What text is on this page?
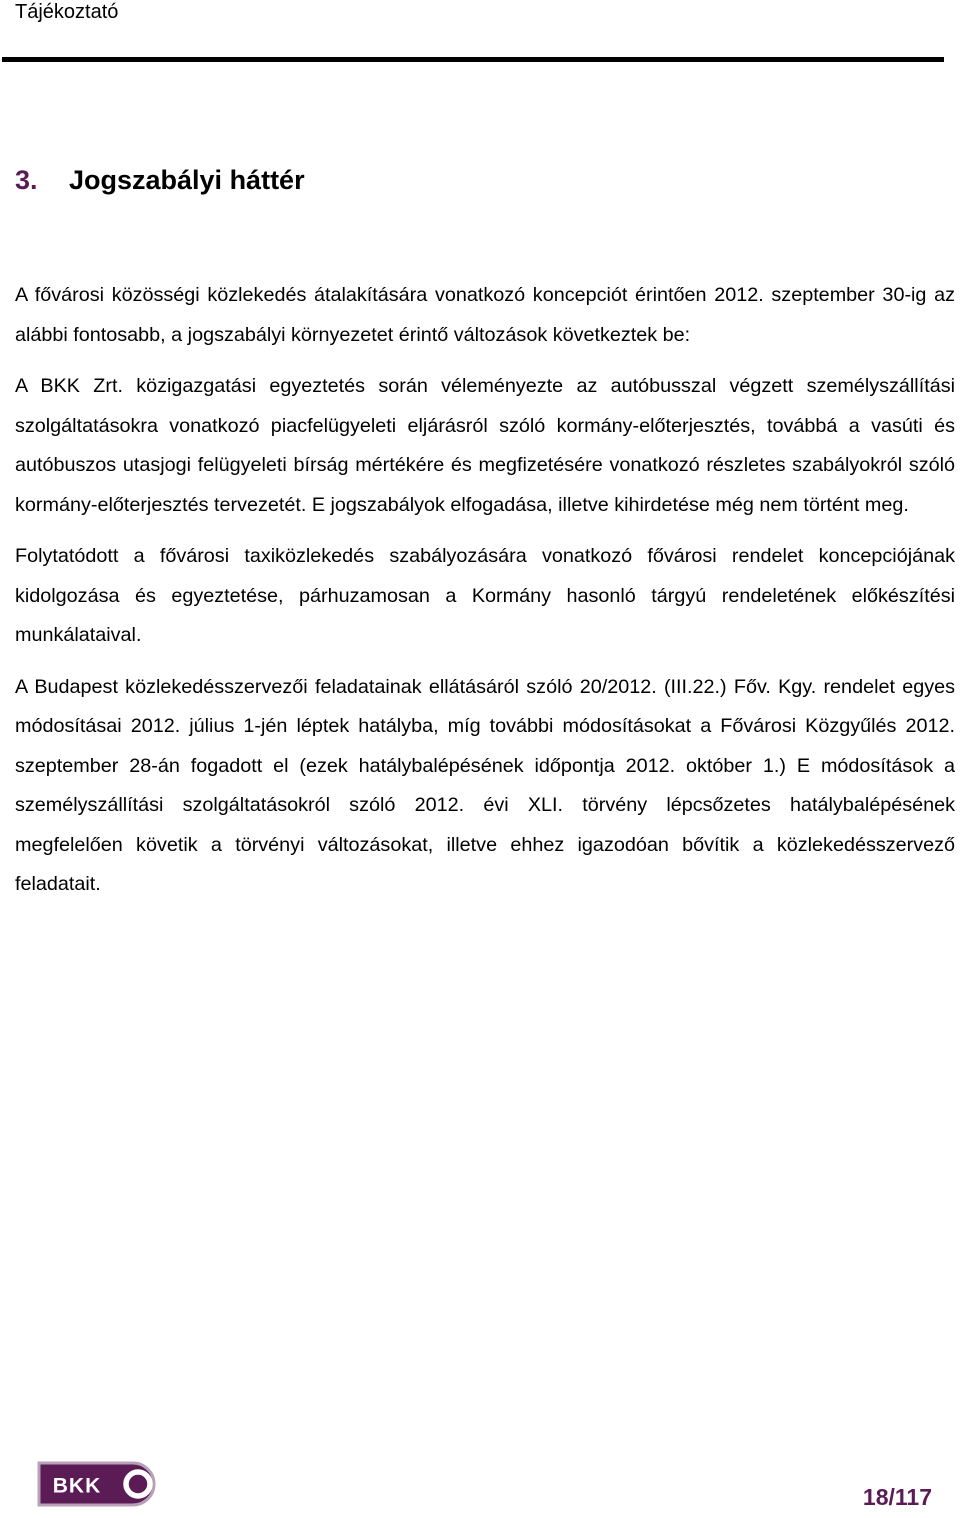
Tájékoztató
3. Jogszabályi háttér

A fővárosi közösségi közlekedés átalakítására vonatkozó koncepciót érintően 2012. szeptember 30-ig az alábbi fontosabb, a jogszabályi környezetet érintő változások következtek be:

A BKK Zrt. közigazgatási egyeztetés során véleményezte az autóbusszal végzett személyszállítási szolgáltatásokra vonatkozó piacfelügyeleti eljárásról szóló kormány-előterjesztés, továbbá a vasúti és autóbuszos utasjogi felügyeleti bírság mértékére és megfizetésére vonatkozó részletes szabályokról szóló kormány-előterjesztés tervezetét. E jogszabályok elfogadása, illetve kihirdetése még nem történt meg.

Folytatódott a fővárosi taxiközlekedés szabályozására vonatkozó fővárosi rendelet koncepciójának kidolgozása és egyeztetése, párhuzamosan a Kormány hasonló tárgyú rendeletének előkészítési munkálataival.

A Budapest közlekedésszervezői feladatainak ellátásáról szóló 20/2012. (III.22.) Főv. Kgy. rendelet egyes módosításai 2012. július 1-jén léptek hatályba, míg további módosításokat a Fővárosi Közgyűlés 2012. szeptember 28-án fogadott el (ezek hatálybalépésének időpontja 2012. október 1.) E módosítások a személyszállítási szolgáltatásokról szóló 2012. évi XLI. törvény lépcsőzetes hatálybalépésének megfelelően követik a törvényi változásokat, illetve ehhez igazodóan bővítik a közlekedésszervező feladatait.

BKK	18/117
